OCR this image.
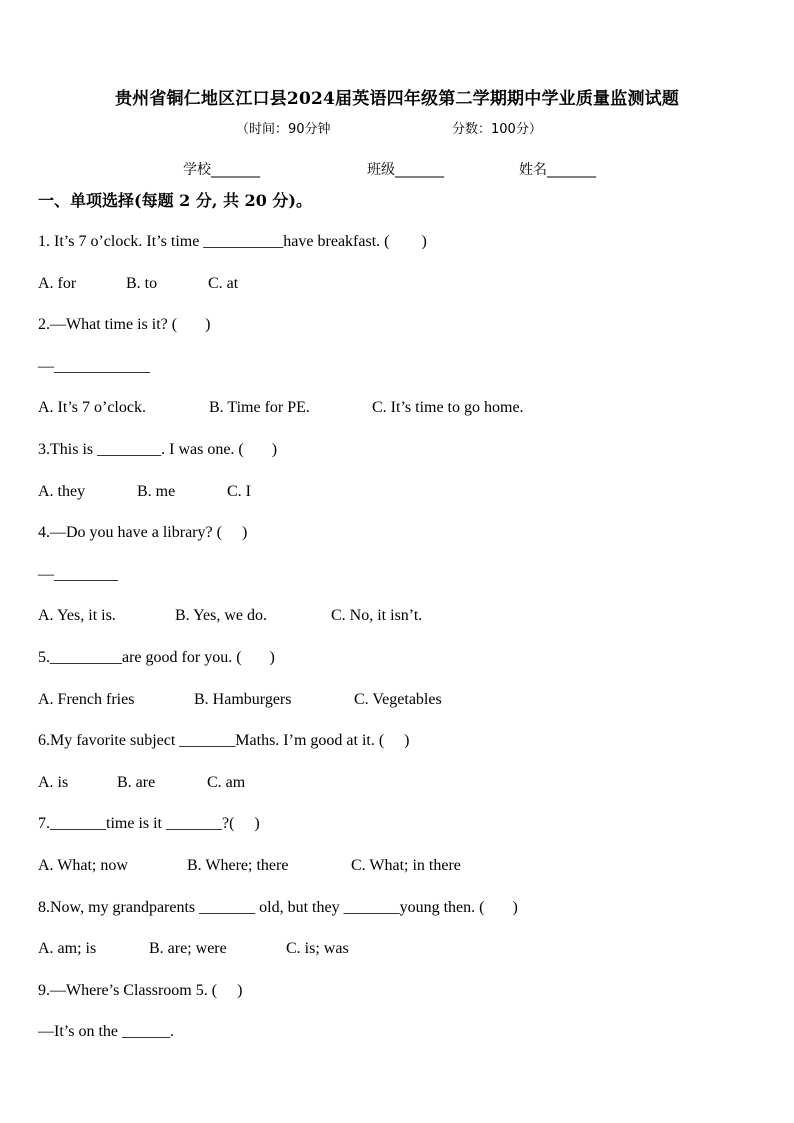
贵州省铜仁地区江口县2024届英语四年级第二学期期中学业质量监测试题
（时间：90分钟	分数：100分）
学校_______	班级_______	姓名_______
一、单项选择(每题 2 分, 共 20 分)。
1. It’s 7 o’clock. It’s time __________have breakfast. (        )
A. for	B. to	C. at
2.—What time is it? (       )
—____________
A. It’s 7 o’clock.	B. Time for PE.	C. It’s time to go home.
3.This is ________. I was one. (       )
A. they	B. me	C. I
4.—Do you have a library? (     )
—________
A. Yes, it is.	B. Yes, we do.	C. No, it isn’t.
5._________are good for you. (       )
A. French fries	B. Hamburgers	C. Vegetables
6.My favorite subject _______Maths. I’m good at it. (     )
A. is	B. are	C. am
7._______time is it _______?(     )
A. What; now	B. Where; there	C. What; in there
8.Now, my grandparents _______ old, but they _______young then. (       )
A. am; is	B. are; were	C. is; was
9.—Where’s Classroom 5. (     )
—It’s on the ______.
